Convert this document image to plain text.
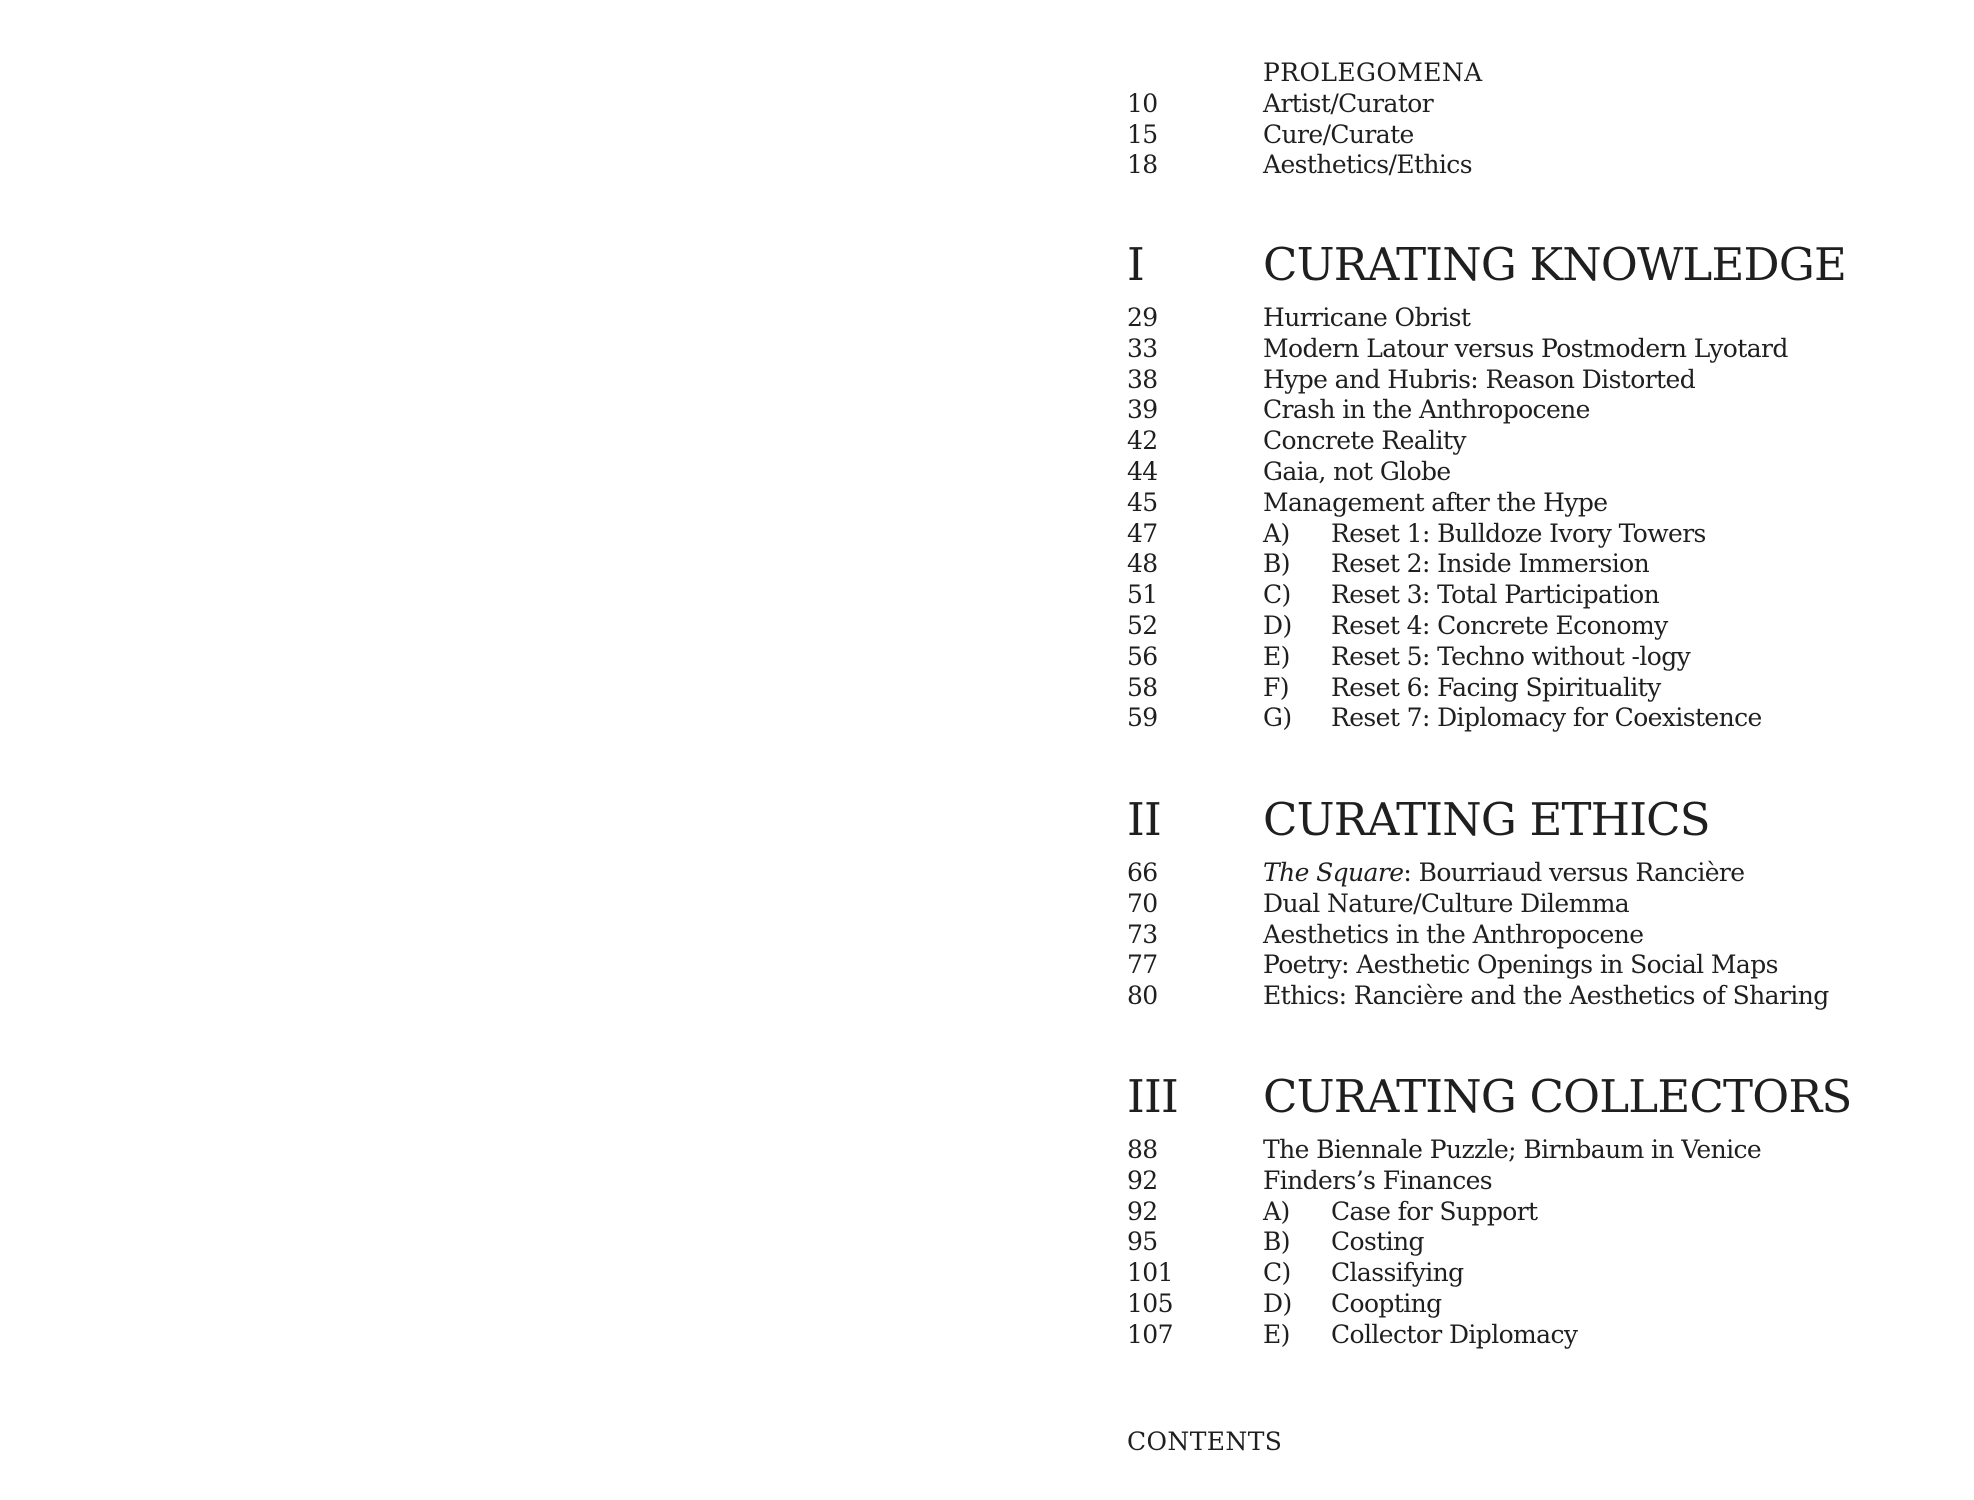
PROLEGOMENA
10	Artist/Curator
15	Cure/Curate
18	Aesthetics/Ethics
I	CURATING KNOWLEDGE
29	Hurricane Obrist
33	Modern Latour versus Postmodern Lyotard
38	Hype and Hubris: Reason Distorted
39	Crash in the Anthropocene
42	Concrete Reality
44	Gaia, not Globe
45	Management after the Hype
47	A) Reset 1: Bulldoze Ivory Towers
48	B) Reset 2: Inside Immersion
51	C) Reset 3: Total Participation
52	D) Reset 4: Concrete Economy
56	E) Reset 5: Techno without -logy
58	F) Reset 6: Facing Spirituality
59	G) Reset 7: Diplomacy for Coexistence
II CURATING ETHICS
66	The Square: Bourriaud versus Rancière
70	Dual Nature/Culture Dilemma
73	Aesthetics in the Anthropocene
77	Poetry: Aesthetic Openings in Social Maps
80	Ethics: Rancière and the Aesthetics of Sharing
III CURATING COLLECTORS
88	The Biennale Puzzle; Birnbaum in Venice
92	Finders’s Finances
92	A) Case for Support
95	B) Costing
101	C) Classifying
105	D) Coopting
107	E) Collector Diplomacy
CONTENTS
